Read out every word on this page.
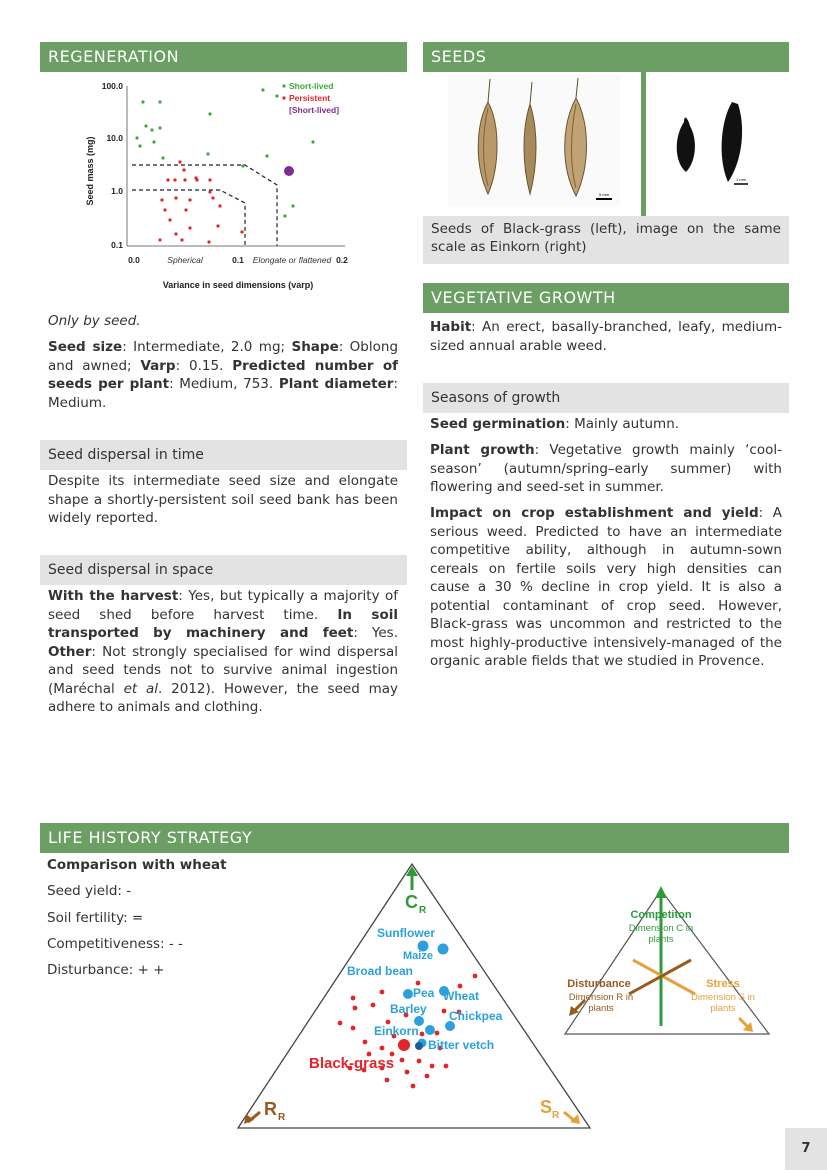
REGENERATION
Seed mass (mg)
100.0
10.0
1.0
0.1
0.0	0.1	0.2
Spherical	Elongate or flattened
Variance in seed dimensions (varp)
Short-lived
Persistent
[Short-lived]
Only by seed.
Seed size: Intermediate, 2.0 mg; Shape: Oblong and awned; Varp: 0.15. Predicted number of seeds per plant: Medium, 753. Plant diameter: Medium.
Seed dispersal in time
Despite its intermediate seed size and elongate shape a shortly-persistent soil seed bank has been widely reported.
Seed dispersal in space
With the harvest: Yes, but typically a majority of seed shed before harvest time. In soil transported by machinery and feet: Yes. Other: Not strongly specialised for wind dispersal and seed tends not to survive animal ingestion (Maréchal et al. 2012). However, the seed may adhere to animals and clothing.
SEEDS
5 mm
1 mm
Seeds of Black-grass (left), image on the same scale as Einkorn (right)
VEGETATIVE GROWTH
Habit: An erect, basally-branched, leafy, medium-sized annual arable weed.
Seasons of growth
Seed germination: Mainly autumn.
Plant growth: Vegetative growth mainly ‘cool-season’ (autumn/spring–early summer) with flowering and seed-set in summer.
Impact on crop establishment and yield: A serious weed. Predicted to have an intermediate competitive ability, although in autumn-sown cereals on fertile soils very high densities can cause a 30 % decline in crop yield. It is also a potential contaminant of crop seed. However, Black-grass was uncommon and restricted to the most highly-productive intensively-managed of the organic arable fields that we studied in Provence.
LIFE HISTORY STRATEGY
Comparison with wheat
Seed yield: -
Soil fertility: =
Competitiveness: - -
Disturbance: + +
C R
R R
S R
Sunflower
Maize
Broad bean
Pea Wheat
Barley Chickpea
Einkorn
Bitter vetch
Black-grass
Competiton
Dimension C in plants
Disturbance
Dimension R in plants
Stress
Dimension S in plants
7
